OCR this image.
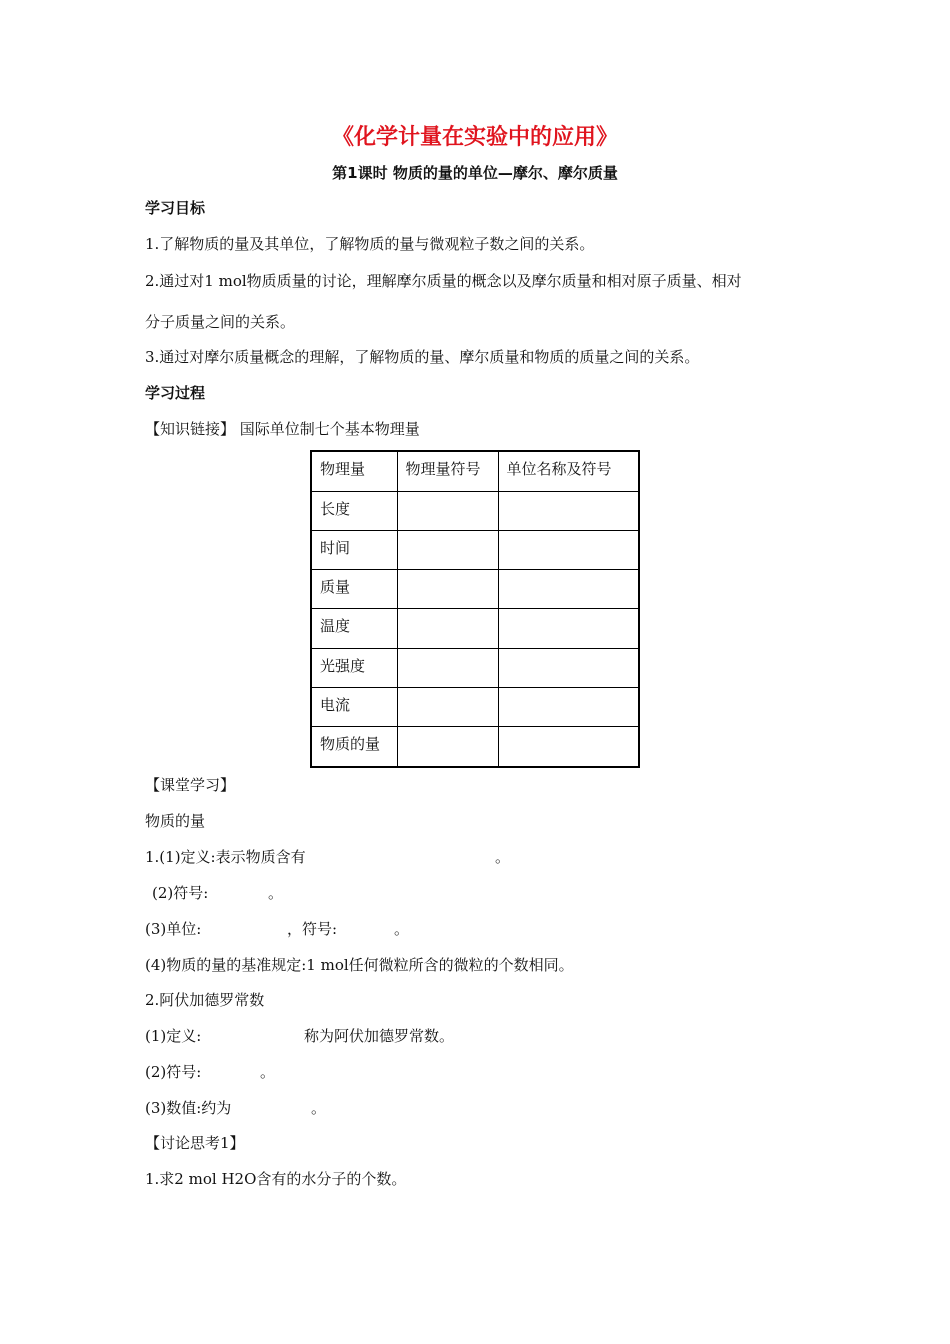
《化学计量在实验中的应用》
第1课时 物质的量的单位—摩尔、摩尔质量
学习目标
1.了解物质的量及其单位，了解物质的量与微观粒子数之间的关系。
2.通过对1 mol物质质量的讨论，理解摩尔质量的概念以及摩尔质量和相对原子质量、相对
分子质量之间的关系。
3.通过对摩尔质量概念的理解，了解物质的量、摩尔质量和物质的质量之间的关系。
学习过程
【知识链接】 国际单位制七个基本物理量
物理量	物理量符号	单位名称及符号
长度		
时间		
质量		
温度		
光强度		
电流		
物质的量		
【课堂学习】
物质的量
1.(1)定义:表示物质含有	。
(2)符号:	。
(3)单位:	，符号:	。
(4)物质的量的基准规定:1 mol任何微粒所含的微粒的个数相同。
2.阿伏加德罗常数
(1)定义:	称为阿伏加德罗常数。
(2)符号:	。
(3)数值:约为	。
【讨论思考1】
1.求2 mol H2O含有的水分子的个数。
